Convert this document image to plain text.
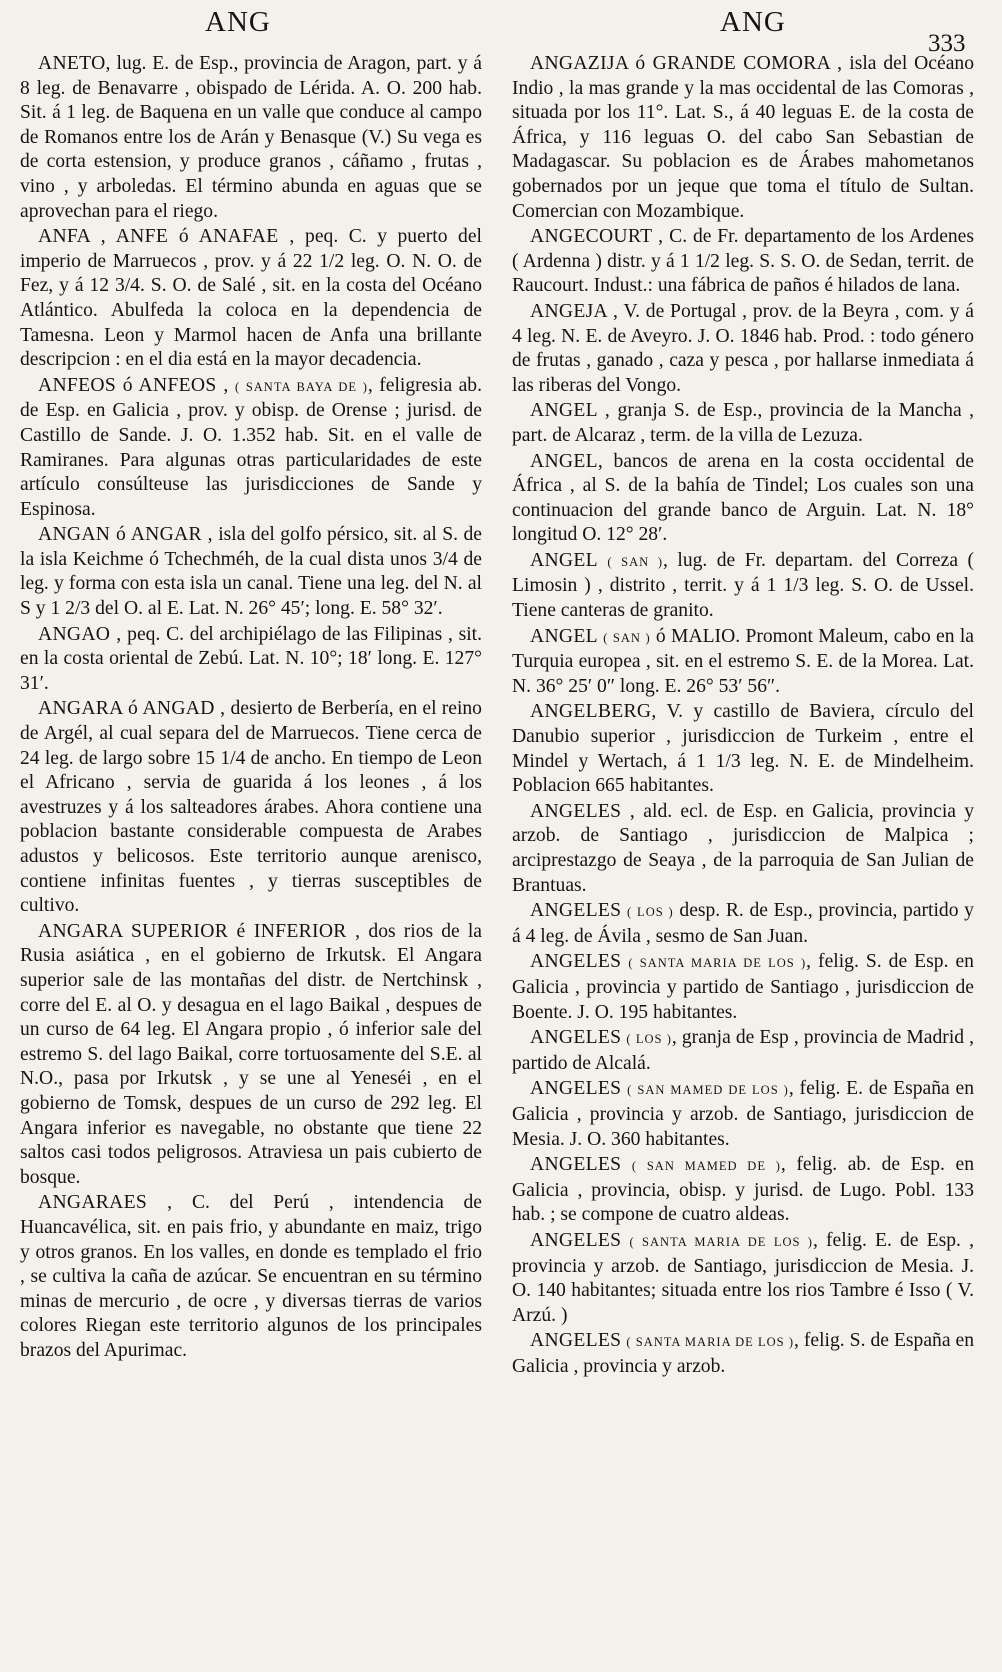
ANG	ANG
333

ANETO, lug. E. de Esp., provincia de Aragon, part. y á 8 leg. de Benavarre , obispado de Lérida. A. O. 200 hab. Sit. á 1 leg. de Baquena en un valle que conduce al campo de Romanos entre los de Arán y Benasque (V.) Su vega es de corta estension, y produce granos , cáñamo , frutas , vino , y arboledas. El término abunda en aguas que se aprovechan para el riego.

ANFA , ANFE ó ANAFAE , peq. C. y puerto del imperio de Marruecos , prov. y á 22 1/2 leg. O. N. O. de Fez, y á 12 3/4. S. O. de Salé , sit. en la costa del Océano Atlántico. Abulfeda la coloca en la dependencia de Tamesna. Leon y Marmol hacen de Anfa una brillante descripcion : en el dia está en la mayor decadencia.

ANFEOS ó ANFEOS , ( SANTA BAYA DE ), feligresia ab. de Esp. en Galicia , prov. y obisp. de Orense ; jurisd. de Castillo de Sande. J. O. 1.352 hab. Sit. en el valle de Ramiranes. Para algunas otras particularidades de este artículo consúlteuse las jurisdicciones de Sande y Espinosa.

ANGAN ó ANGAR , isla del golfo pérsico, sit. al S. de la isla Keichme ó Tchechméh, de la cual dista unos 3/4 de leg. y forma con esta isla un canal. Tiene una leg. del N. al S y 1 2/3 del O. al E. Lat. N. 26° 45′; long. E. 58° 32′.

ANGAO , peq. C. del archipiélago de las Filipinas , sit. en la costa oriental de Zebú. Lat. N. 10°; 18′ long. E. 127° 31′.

ANGARA ó ANGAD , desierto de Berbería, en el reino de Argél, al cual separa del de Marruecos. Tiene cerca de 24 leg. de largo sobre 15 1/4 de ancho. En tiempo de Leon el Africano , servia de guarida á los leones , á los avestruzes y á los salteadores árabes. Ahora contiene una poblacion bastante considerable compuesta de Arabes adustos y belicosos. Este territorio aunque arenisco, contiene infinitas fuentes , y tierras susceptibles de cultivo.

ANGARA SUPERIOR é INFERIOR , dos rios de la Rusia asiática , en el gobierno de Irkutsk. El Angara superior sale de las montañas del distr. de Nertchinsk , corre del E. al O. y desagua en el lago Baikal , despues de un curso de 64 leg. El Angara propio , ó inferior sale del estremo S. del lago Baikal, corre tortuosamente del S.E. al N.O., pasa por Irkutsk , y se une al Yeneséi , en el gobierno de Tomsk, despues de un curso de 292 leg. El Angara inferior es navegable, no obstante que tiene 22 saltos casi todos peligrosos. Atraviesa un pais cubierto de bosque.

ANGARAES , C. del Perú , intendencia de Huancavélica, sit. en pais frio, y abundante en maiz, trigo y otros granos. En los valles, en donde es templado el frio , se cultiva la caña de azúcar. Se encuentran en su término minas de mercurio , de ocre , y diversas tierras de varios colores Riegan este territorio algunos de los principales brazos del Apurimac.

ANGAZIJA ó GRANDE COMORA , isla del Océano Indio , la mas grande y la mas occidental de las Comoras , situada por los 11°. Lat. S., á 40 leguas E. de la costa de África, y 116 leguas O. del cabo San Sebastian de Madagascar. Su poblacion es de Árabes mahometanos gobernados por un jeque que toma el título de Sultan. Comercian con Mozambique.

ANGECOURT , C. de Fr. departamento de los Ardenes ( Ardenna ) distr. y á 1 1/2 leg. S. S. O. de Sedan, territ. de Raucourt. Indust.: una fábrica de paños é hilados de lana.

ANGEJA , V. de Portugal , prov. de la Beyra , com. y á 4 leg. N. E. de Aveyro. J. O. 1846 hab. Prod. : todo género de frutas , ganado , caza y pesca , por hallarse inmediata á las riberas del Vongo.

ANGEL , granja S. de Esp., provincia de la Mancha , part. de Alcaraz , term. de la villa de Lezuza.

ANGEL, bancos de arena en la costa occidental de África , al S. de la bahía de Tindel; Los cuales son una continuacion del grande banco de Arguin. Lat. N. 18° longitud O. 12° 28′.

ANGEL ( SAN ), lug. de Fr. departam. del Correza ( Limosin ) , distrito , territ. y á 1 1/3 leg. S. O. de Ussel. Tiene canteras de granito.

ANGEL ( SAN ) ó MALIO. Promont Maleum, cabo en la Turquia europea , sit. en el estremo S. E. de la Morea. Lat. N. 36° 25′ 0″ long. E. 26° 53′ 56″.

ANGELBERG, V. y castillo de Baviera, círculo del Danubio superior , jurisdiccion de Turkeim , entre el Mindel y Wertach, á 1 1/3 leg. N. E. de Mindelheim. Poblacion 665 habitantes.

ANGELES , ald. ecl. de Esp. en Galicia, provincia y arzob. de Santiago , jurisdiccion de Malpica ; arciprestazgo de Seaya , de la parroquia de San Julian de Brantuas.

ANGELES ( LOS ) desp. R. de Esp., provincia, partido y á 4 leg. de Ávila , sesmo de San Juan.

ANGELES ( SANTA MARIA DE LOS ), felig. S. de Esp. en Galicia , provincia y partido de Santiago , jurisdiccion de Boente. J. O. 195 habitantes.

ANGELES ( LOS ), granja de Esp , provincia de Madrid , partido de Alcalá.

ANGELES ( SAN MAMED DE LOS ), felig. E. de España en Galicia , provincia y arzob. de Santiago, jurisdiccion de Mesia. J. O. 360 habitantes.

ANGELES ( SAN MAMED DE ), felig. ab. de Esp. en Galicia , provincia, obisp. y jurisd. de Lugo. Pobl. 133 hab. ; se compone de cuatro aldeas.

ANGELES ( SANTA MARIA DE LOS ), felig. E. de Esp. , provincia y arzob. de Santiago, jurisdiccion de Mesia. J. O. 140 habitantes; situada entre los rios Tambre é Isso ( V. Arzú. )

ANGELES ( SANTA MARIA DE LOS ), felig. S. de España en Galicia , provincia y arzob.
